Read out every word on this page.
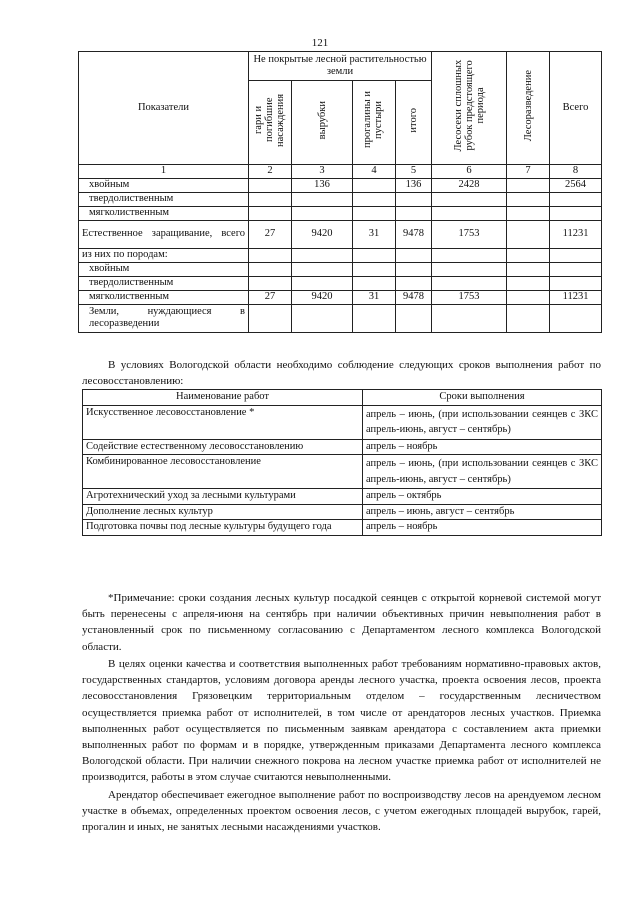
121
Показатели	Не покрытые лесной растительностью земли				Лесосеки сплошных рубок предстоящего периода	Лесоразведение	Всего
	гари и погибшие насаждения	вырубки	прогалины и пустыри	итого			
1	2	3	4	5	6	7	8
хвойным		136		136	2428		2564
твердолиственным							
мягколиственным							
Естественное заращивание, всего	27	9420	31	9478	1753		11231
из них по породам:							
хвойным							
твердолиственным							
мягколиственным	27	9420	31	9478	1753		11231
Земли, нуждающиеся в лесоразведении							
В условиях Вологодской области необходимо соблюдение следующих сроков выполнения работ по лесовосстановлению:
Наименование работ	Сроки выполнения
Искусственное лесовосстановление *	апрель – июнь, (при использовании сеянцев с ЗКС апрель-июнь, август – сентябрь)
Содействие естественному лесовосстановлению	апрель – ноябрь
Комбинированное лесовосстановление	апрель – июнь, (при использовании сеянцев с ЗКС апрель-июнь, август – сентябрь)
Агротехнический уход за лесными культурами	апрель – октябрь
Дополнение лесных культур	апрель – июнь, август – сентябрь
Подготовка почвы под лесные культуры будущего года	апрель – ноябрь
*Примечание: сроки создания лесных культур посадкой сеянцев с открытой корневой системой могут быть перенесены с апреля-июня на сентябрь при наличии объективных причин невыполнения работ в установленный срок по письменному согласованию с Департаментом лесного комплекса Вологодской области.
В целях оценки качества и соответствия выполненных работ требованиям нормативно-правовых актов, государственных стандартов, условиям договора аренды лесного участка, проекта освоения лесов, проекта лесовосстановления Грязовецким территориальным отделом – государственным лесничеством осуществляется приемка работ от исполнителей, в том числе от арендаторов лесных участков. Приемка выполненных работ осуществляется по письменным заявкам арендатора с составлением акта приемки выполненных работ по формам и в порядке, утвержденным приказами Департамента лесного комплекса Вологодской области. При наличии снежного покрова на лесном участке приемка работ от исполнителей не производится, работы в этом случае считаются невыполненными.
Арендатор обеспечивает ежегодное выполнение работ по воспроизводству лесов на арендуемом лесном участке в объемах, определенных проектом освоения лесов, с учетом ежегодных площадей вырубок, гарей, прогалин и иных, не занятых лесными насаждениями участков.
